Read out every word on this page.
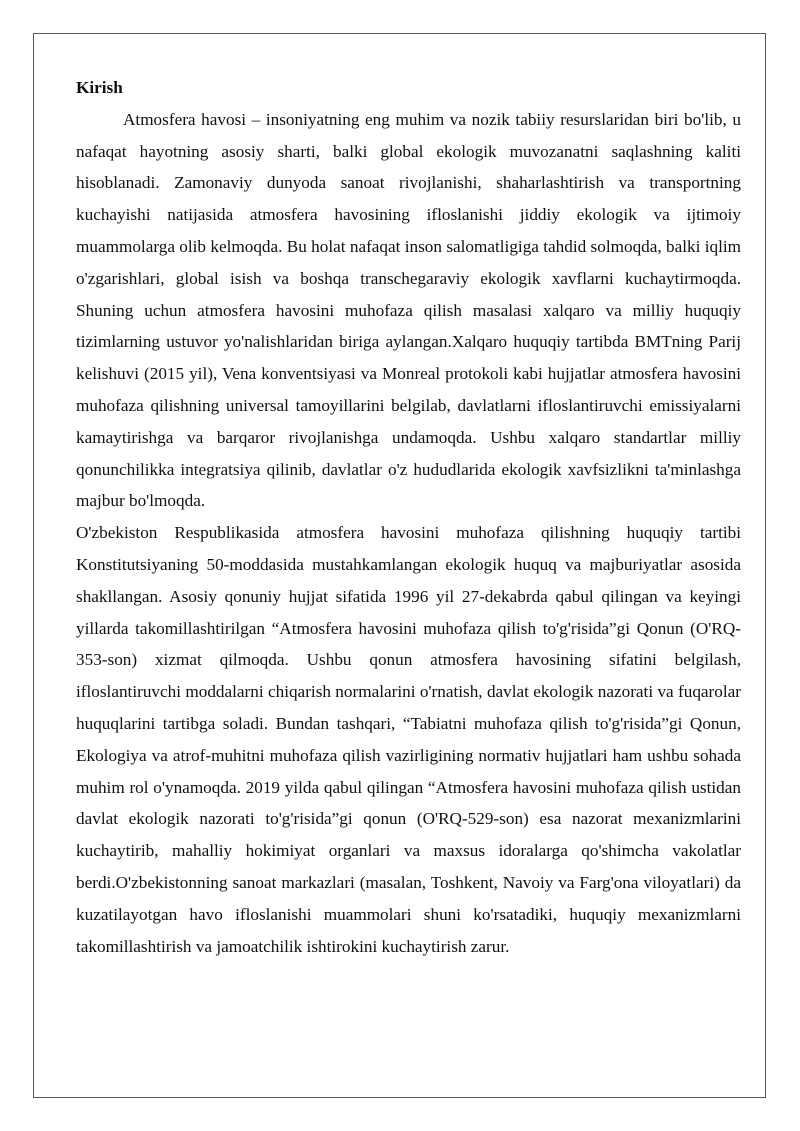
Kirish

Atmosfera havosi – insoniyatning eng muhim va nozik tabiiy resurslaridan biri bo'lib, u nafaqat hayotning asosiy sharti, balki global ekologik muvozanatni saqlashning kaliti hisoblanadi. Zamonaviy dunyoda sanoat rivojlanishi, shaharlashtirish va transportning kuchayishi natijasida atmosfera havosining ifloslanishi jiddiy ekologik va ijtimoiy muammolarga olib kelmoqda. Bu holat nafaqat inson salomatligiga tahdid solmoqda, balki iqlim o'zgarishlari, global isish va boshqa transchegaraviy ekologik xavflarni kuchaytirmoqda. Shuning uchun atmosfera havosini muhofaza qilish masalasi xalqaro va milliy huquqiy tizimlarning ustuvor yo'nalishlaridan biriga aylangan.Xalqaro huquqiy tartibda BMTning Parij kelishuvi (2015 yil), Vena konventsiyasi va Monreal protokoli kabi hujjatlar atmosfera havosini muhofaza qilishning universal tamoyillarini belgilab, davlatlarni ifloslantiruvchi emissiyalarni kamaytirishga va barqaror rivojlanishga undamoqda. Ushbu xalqaro standartlar milliy qonunchilikka integratsiya qilinib, davlatlar o'z hududlarida ekologik xavfsizlikni ta'minlashga majbur bo'lmoqda.

O'zbekiston Respublikasida atmosfera havosini muhofaza qilishning huquqiy tartibi Konstitutsiyaning 50-moddasida mustahkamlangan ekologik huquq va majburiyatlar asosida shakllangan. Asosiy qonuniy hujjat sifatida 1996 yil 27-dekabrda qabul qilingan va keyingi yillarda takomillashtirilgan “Atmosfera havosini muhofaza qilish to'g'risida”gi Qonun (O'RQ-353-son) xizmat qilmoqda. Ushbu qonun atmosfera havosining sifatini belgilash, ifloslantiruvchi moddalarni chiqarish normalarini o'rnatish, davlat ekologik nazorati va fuqarolar huquqlarini tartibga soladi. Bundan tashqari, “Tabiatni muhofaza qilish to'g'risida”gi Qonun, Ekologiya va atrof-muhitni muhofaza qilish vazirligining normativ hujjatlari ham ushbu sohada muhim rol o'ynamoqda. 2019 yilda qabul qilingan “Atmosfera havosini muhofaza qilish ustidan davlat ekologik nazorati to'g'risida”gi qonun (O'RQ-529-son) esa nazorat mexanizmlarini kuchaytirib, mahalliy hokimiyat organlari va maxsus idoralarga qo'shimcha vakolatlar berdi.O'zbekistonning sanoat markazlari (masalan, Toshkent, Navoiy va Farg'ona viloyatlari) da kuzatilayotgan havo ifloslanishi muammolari shuni ko'rsatadiki, huquqiy mexanizmlarni takomillashtirish va jamoatchilik ishtirokini kuchaytirish zarur.
